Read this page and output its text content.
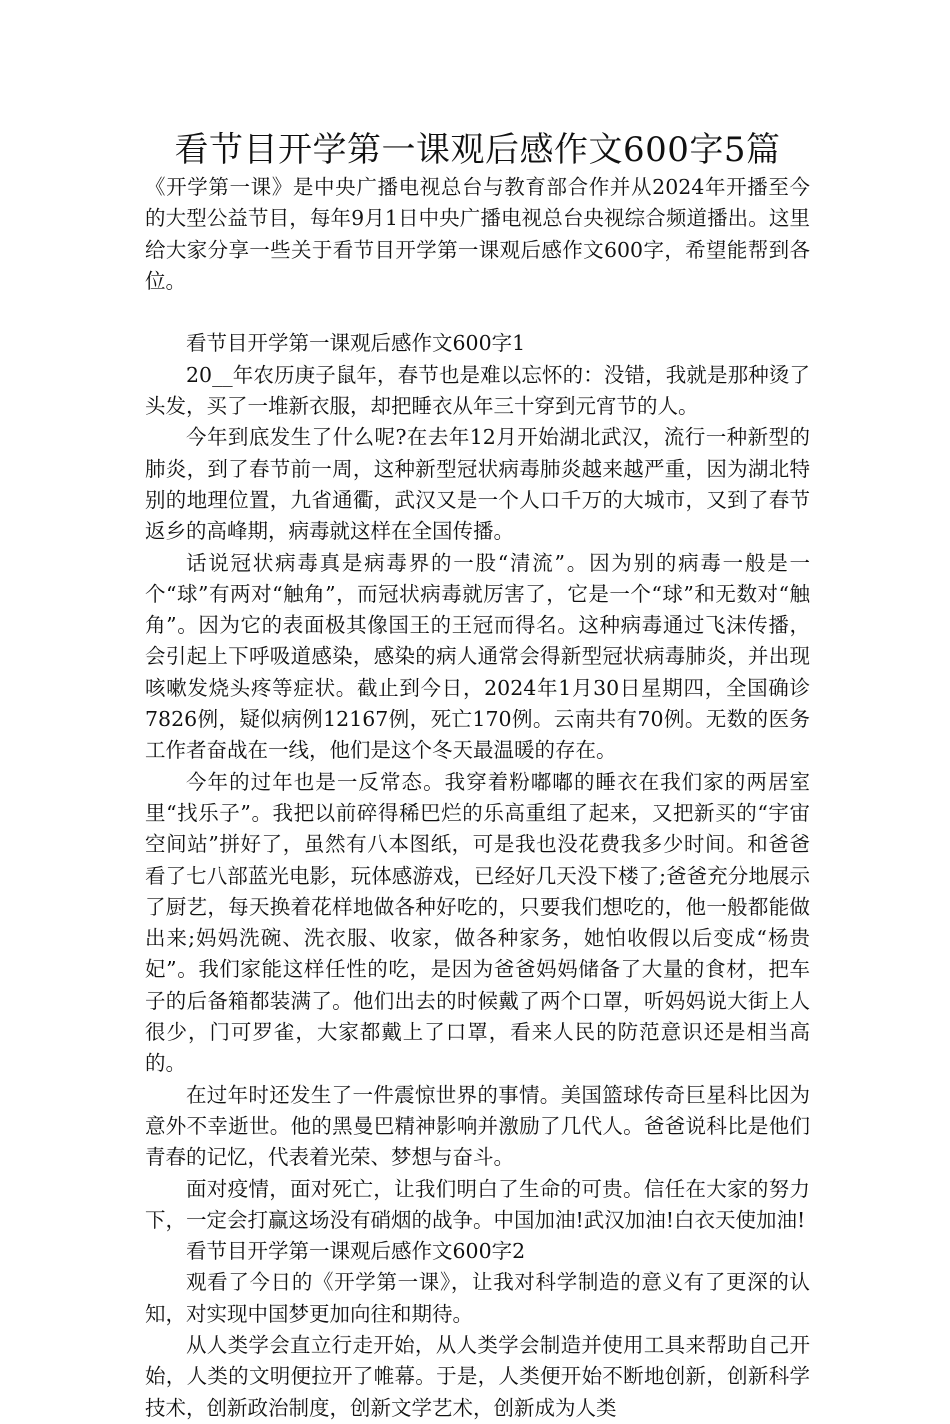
看节目开学第一课观后感作文600字5篇

《开学第一课》是中央广播电视总台与教育部合作并从2024年开播至今的大型公益节目，每年9月1日中央广播电视总台央视综合频道播出。这里给大家分享一些关于看节目开学第一课观后感作文600字，希望能帮到各位。

看节目开学第一课观后感作文600字1

20__年农历庚子鼠年，春节也是难以忘怀的：没错，我就是那种烫了头发，买了一堆新衣服，却把睡衣从年三十穿到元宵节的人。

今年到底发生了什么呢?在去年12月开始湖北武汉，流行一种新型的肺炎，到了春节前一周，这种新型冠状病毒肺炎越来越严重，因为湖北特别的地理位置，九省通衢，武汉又是一个人口千万的大城市，又到了春节返乡的高峰期，病毒就这样在全国传播。

话说冠状病毒真是病毒界的一股“清流”。因为别的病毒一般是一个“球”有两对“触角”，而冠状病毒就厉害了，它是一个“球”和无数对“触角”。因为它的表面极其像国王的王冠而得名。这种病毒通过飞沫传播，会引起上下呼吸道感染，感染的病人通常会得新型冠状病毒肺炎，并出现咳嗽发烧头疼等症状。截止到今日，2024年1月30日星期四，全国确诊7826例，疑似病例12167例，死亡170例。云南共有70例。无数的医务工作者奋战在一线，他们是这个冬天最温暖的存在。

今年的过年也是一反常态。我穿着粉嘟嘟的睡衣在我们家的两居室里“找乐子”。我把以前碎得稀巴烂的乐高重组了起来，又把新买的“宇宙空间站”拼好了，虽然有八本图纸，可是我也没花费我多少时间。和爸爸看了七八部蓝光电影，玩体感游戏，已经好几天没下楼了;爸爸充分地展示了厨艺，每天换着花样地做各种好吃的，只要我们想吃的，他一般都能做出来;妈妈洗碗、洗衣服、收家，做各种家务，她怕收假以后变成“杨贵妃”。我们家能这样任性的吃，是因为爸爸妈妈储备了大量的食材，把车子的后备箱都装满了。他们出去的时候戴了两个口罩，听妈妈说大街上人很少，门可罗雀，大家都戴上了口罩，看来人民的防范意识还是相当高的。

在过年时还发生了一件震惊世界的事情。美国篮球传奇巨星科比因为意外不幸逝世。他的黑曼巴精神影响并激励了几代人。爸爸说科比是他们青春的记忆，代表着光荣、梦想与奋斗。

面对疫情，面对死亡，让我们明白了生命的可贵。信任在大家的努力下，一定会打赢这场没有硝烟的战争。中国加油!武汉加油!白衣天使加油!

看节目开学第一课观后感作文600字2

观看了今日的《开学第一课》，让我对科学制造的意义有了更深的认知，对实现中国梦更加向往和期待。

从人类学会直立行走开始，从人类学会制造并使用工具来帮助自己开始，人类的文明便拉开了帷幕。于是，人类便开始不断地创新，创新科学技术，创新政治制度，创新文学艺术，创新成为人类
